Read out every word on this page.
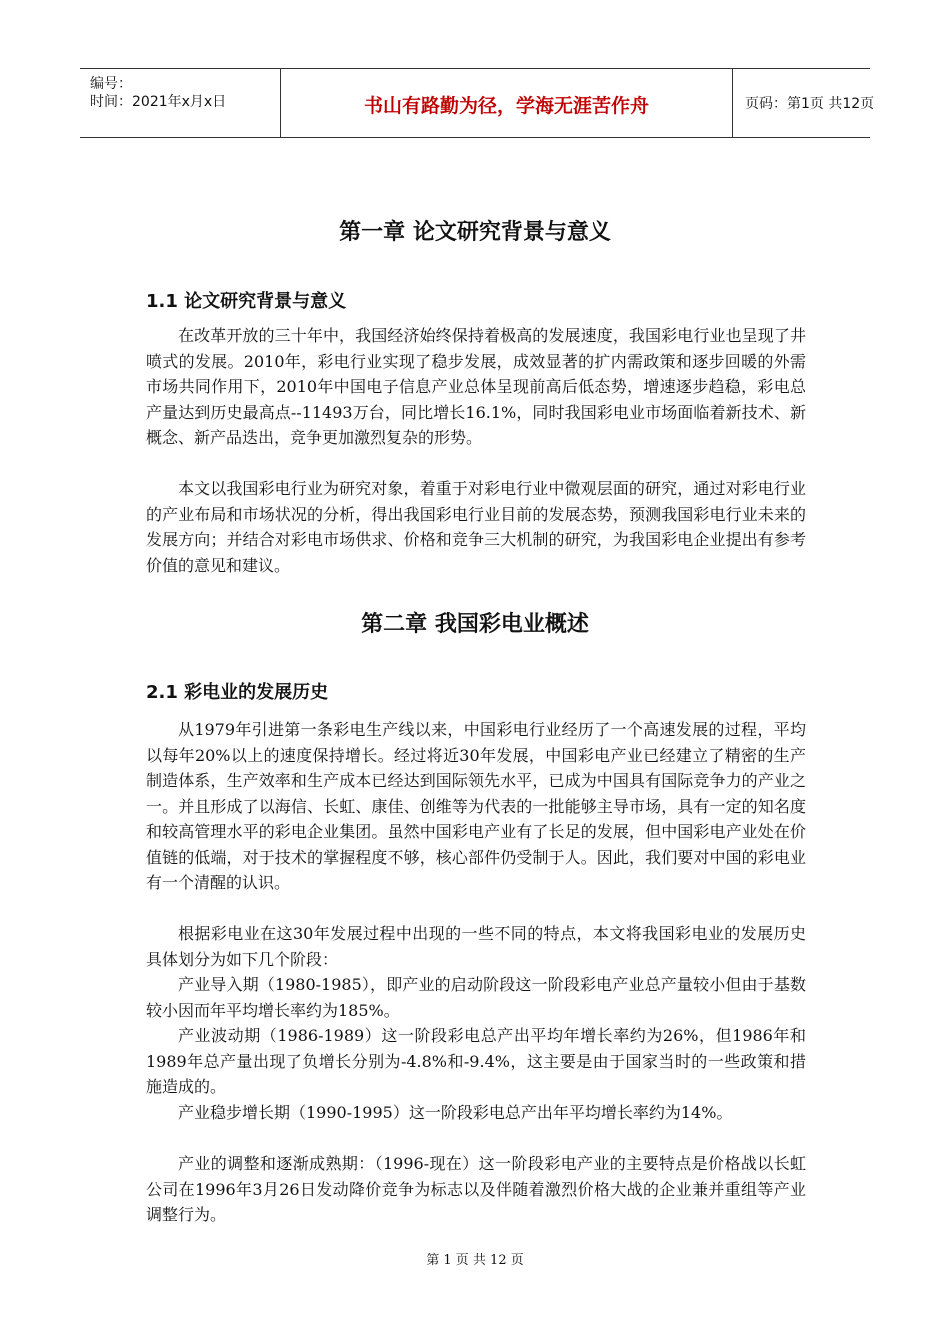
编号：
时间：2021年x月x日	书山有路勤为径，学海无涯苦作舟	页码：第1页 共12页
第一章 论文研究背景与意义
1.1 论文研究背景与意义

在改革开放的三十年中，我国经济始终保持着极高的发展速度，我国彩电行业也呈现了井喷式的发展。2010年，彩电行业实现了稳步发展，成效显著的扩内需政策和逐步回暖的外需市场共同作用下，2010年中国电子信息产业总体呈现前高后低态势，增速逐步趋稳，彩电总产量达到历史最高点--11493万台，同比增长16.1%，同时我国彩电业市场面临着新技术、新概念、新产品迭出，竞争更加激烈复杂的形势。

本文以我国彩电行业为研究对象，着重于对彩电行业中微观层面的研究，通过对彩电行业的产业布局和市场状况的分析，得出我国彩电行业目前的发展态势，预测我国彩电行业未来的发展方向；并结合对彩电市场供求、价格和竞争三大机制的研究，为我国彩电企业提出有参考价值的意见和建议。

第二章 我国彩电业概述
2.1 彩电业的发展历史

从1979年引进第一条彩电生产线以来，中国彩电行业经历了一个高速发展的过程，平均以每年20%以上的速度保持增长。经过将近30年发展，中国彩电产业已经建立了精密的生产制造体系，生产效率和生产成本已经达到国际领先水平，已成为中国具有国际竞争力的产业之一。并且形成了以海信、长虹、康佳、创维等为代表的一批能够主导市场，具有一定的知名度和较高管理水平的彩电企业集团。虽然中国彩电产业有了长足的发展，但中国彩电产业处在价值链的低端，对于技术的掌握程度不够，核心部件仍受制于人。因此，我们要对中国的彩电业有一个清醒的认识。

根据彩电业在这30年发展过程中出现的一些不同的特点，本文将我国彩电业的发展历史具体划分为如下几个阶段：

产业导入期（1980-1985），即产业的启动阶段这一阶段彩电产业总产量较小但由于基数较小因而年平均增长率约为185%。

产业波动期（1986-1989）这一阶段彩电总产出平均年增长率约为26%，但1986年和1989年总产量出现了负增长分别为-4.8%和-9.4%，这主要是由于国家当时的一些政策和措施造成的。

产业稳步增长期（1990-1995）这一阶段彩电总产出年平均增长率约为14%。

产业的调整和逐渐成熟期：（1996-现在）这一阶段彩电产业的主要特点是价格战以长虹公司在1996年3月26日发动降价竞争为标志以及伴随着激烈价格大战的企业兼并重组等产业调整行为。

第 1 页 共 12 页
